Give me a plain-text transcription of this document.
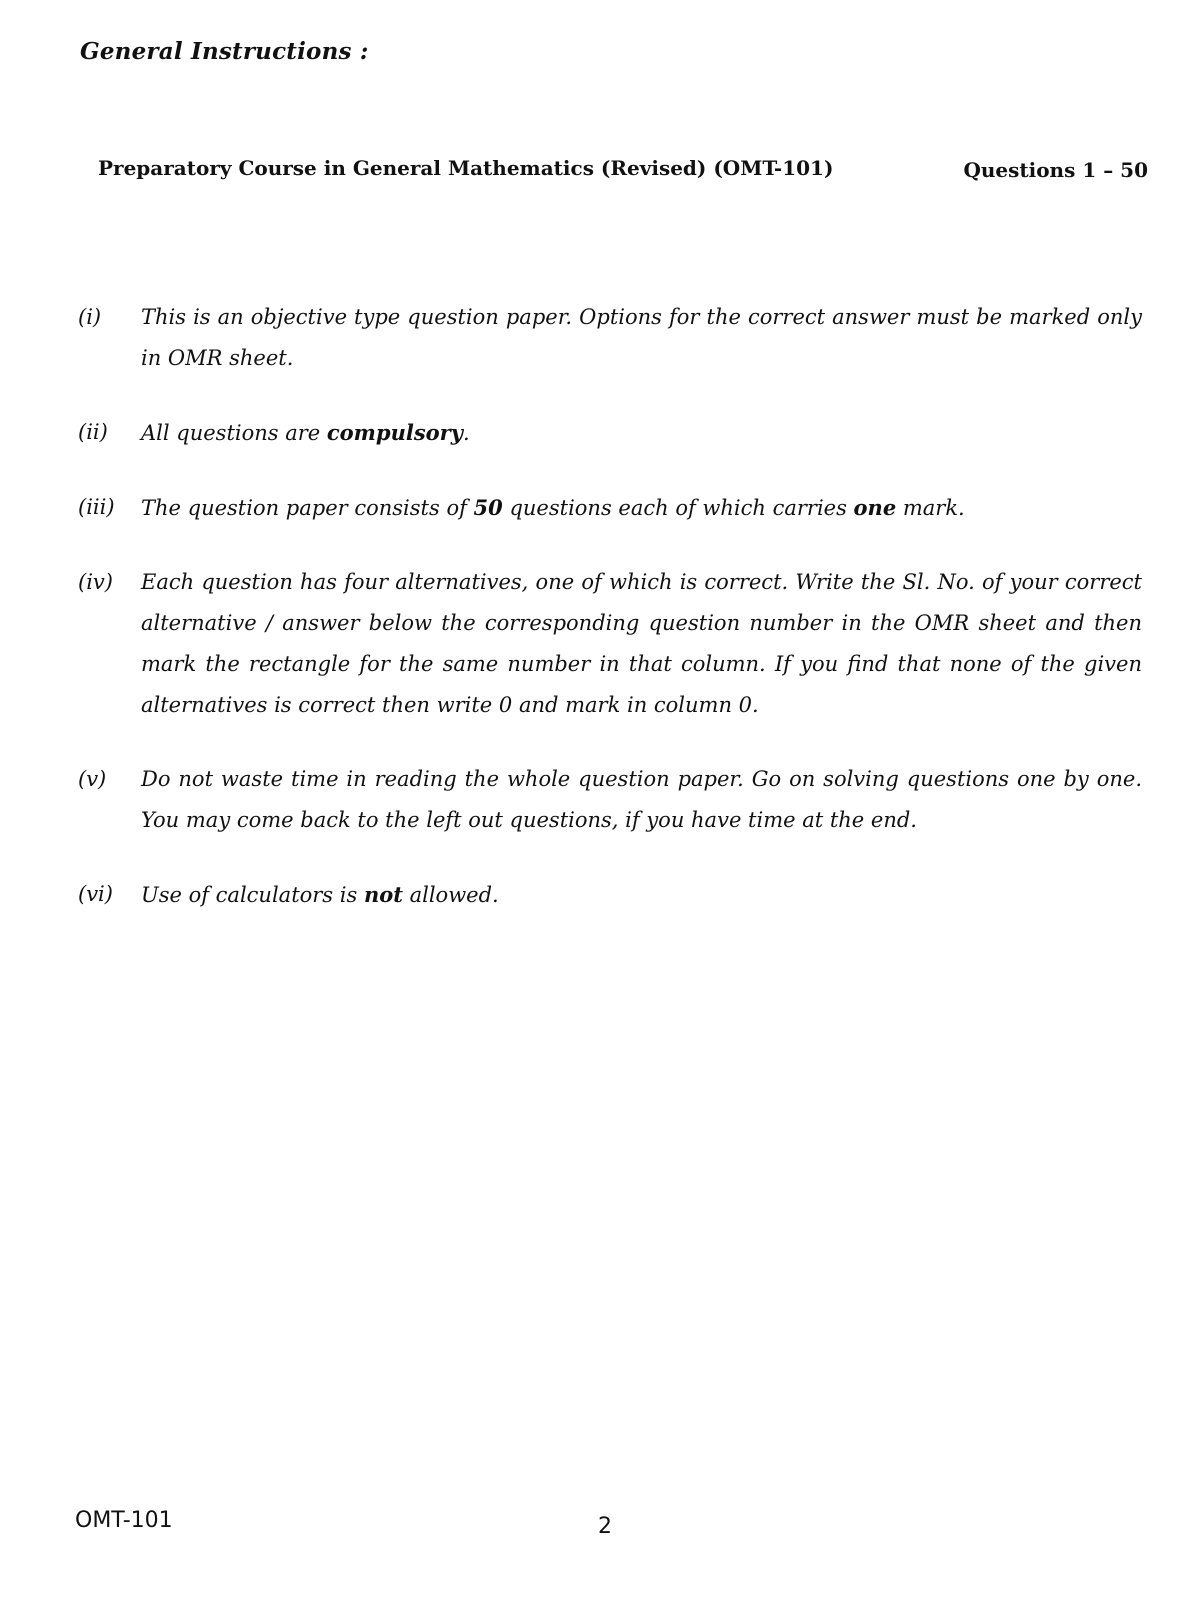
General Instructions :
Preparatory Course in General Mathematics (Revised) (OMT-101)	Questions 1 – 50
(i) This is an objective type question paper. Options for the correct answer must be marked only in OMR sheet.
(ii) All questions are compulsory.
(iii) The question paper consists of 50 questions each of which carries one mark.
(iv) Each question has four alternatives, one of which is correct. Write the Sl. No. of your correct alternative / answer below the corresponding question number in the OMR sheet and then mark the rectangle for the same number in that column. If you find that none of the given alternatives is correct then write 0 and mark in column 0.
(v) Do not waste time in reading the whole question paper. Go on solving questions one by one. You may come back to the left out questions, if you have time at the end.
(vi) Use of calculators is not allowed.
OMT-101	2
